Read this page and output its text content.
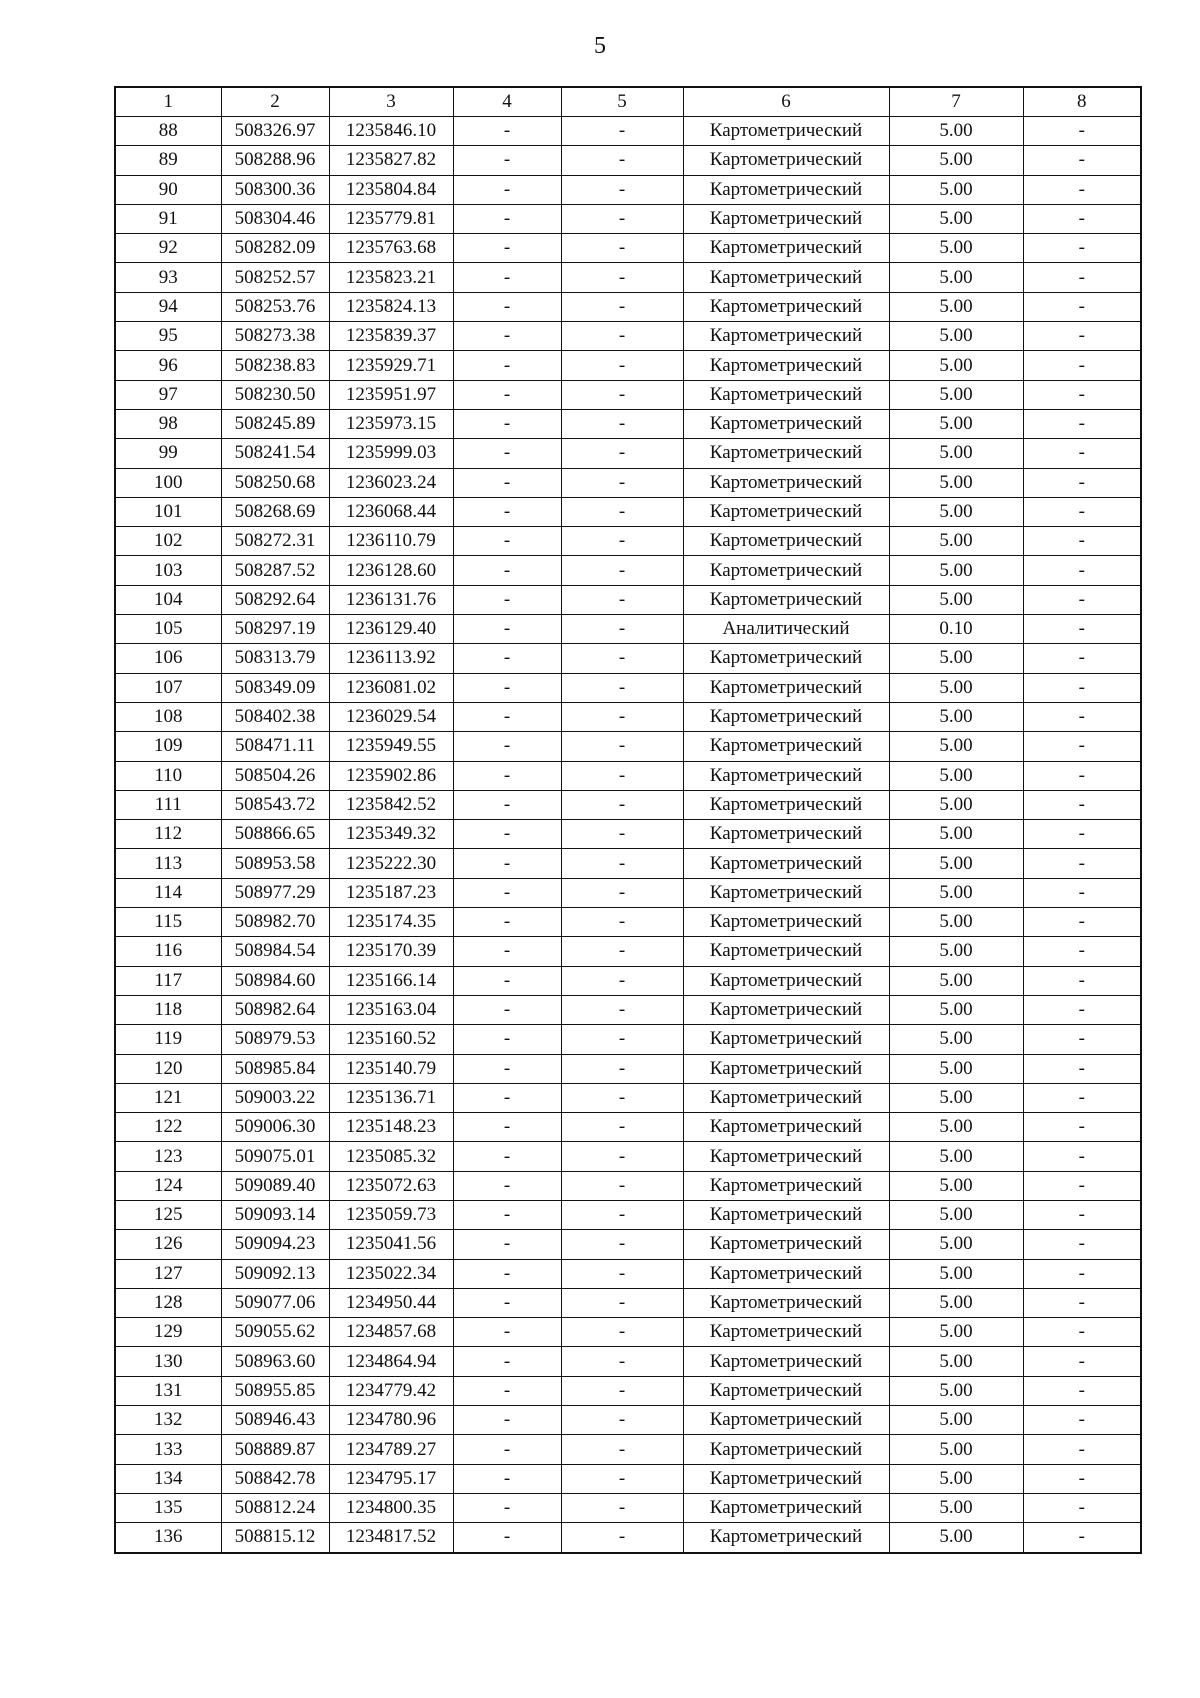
5
1	2	3	4	5	6	7	8
88	508326.97	1235846.10	-	-	Картометрический	5.00	-
89	508288.96	1235827.82	-	-	Картометрический	5.00	-
90	508300.36	1235804.84	-	-	Картометрический	5.00	-
91	508304.46	1235779.81	-	-	Картометрический	5.00	-
92	508282.09	1235763.68	-	-	Картометрический	5.00	-
93	508252.57	1235823.21	-	-	Картометрический	5.00	-
94	508253.76	1235824.13	-	-	Картометрический	5.00	-
95	508273.38	1235839.37	-	-	Картометрический	5.00	-
96	508238.83	1235929.71	-	-	Картометрический	5.00	-
97	508230.50	1235951.97	-	-	Картометрический	5.00	-
98	508245.89	1235973.15	-	-	Картометрический	5.00	-
99	508241.54	1235999.03	-	-	Картометрический	5.00	-
100	508250.68	1236023.24	-	-	Картометрический	5.00	-
101	508268.69	1236068.44	-	-	Картометрический	5.00	-
102	508272.31	1236110.79	-	-	Картометрический	5.00	-
103	508287.52	1236128.60	-	-	Картометрический	5.00	-
104	508292.64	1236131.76	-	-	Картометрический	5.00	-
105	508297.19	1236129.40	-	-	Аналитический	0.10	-
106	508313.79	1236113.92	-	-	Картометрический	5.00	-
107	508349.09	1236081.02	-	-	Картометрический	5.00	-
108	508402.38	1236029.54	-	-	Картометрический	5.00	-
109	508471.11	1235949.55	-	-	Картометрический	5.00	-
110	508504.26	1235902.86	-	-	Картометрический	5.00	-
111	508543.72	1235842.52	-	-	Картометрический	5.00	-
112	508866.65	1235349.32	-	-	Картометрический	5.00	-
113	508953.58	1235222.30	-	-	Картометрический	5.00	-
114	508977.29	1235187.23	-	-	Картометрический	5.00	-
115	508982.70	1235174.35	-	-	Картометрический	5.00	-
116	508984.54	1235170.39	-	-	Картометрический	5.00	-
117	508984.60	1235166.14	-	-	Картометрический	5.00	-
118	508982.64	1235163.04	-	-	Картометрический	5.00	-
119	508979.53	1235160.52	-	-	Картометрический	5.00	-
120	508985.84	1235140.79	-	-	Картометрический	5.00	-
121	509003.22	1235136.71	-	-	Картометрический	5.00	-
122	509006.30	1235148.23	-	-	Картометрический	5.00	-
123	509075.01	1235085.32	-	-	Картометрический	5.00	-
124	509089.40	1235072.63	-	-	Картометрический	5.00	-
125	509093.14	1235059.73	-	-	Картометрический	5.00	-
126	509094.23	1235041.56	-	-	Картометрический	5.00	-
127	509092.13	1235022.34	-	-	Картометрический	5.00	-
128	509077.06	1234950.44	-	-	Картометрический	5.00	-
129	509055.62	1234857.68	-	-	Картометрический	5.00	-
130	508963.60	1234864.94	-	-	Картометрический	5.00	-
131	508955.85	1234779.42	-	-	Картометрический	5.00	-
132	508946.43	1234780.96	-	-	Картометрический	5.00	-
133	508889.87	1234789.27	-	-	Картометрический	5.00	-
134	508842.78	1234795.17	-	-	Картометрический	5.00	-
135	508812.24	1234800.35	-	-	Картометрический	5.00	-
136	508815.12	1234817.52	-	-	Картометрический	5.00	-
